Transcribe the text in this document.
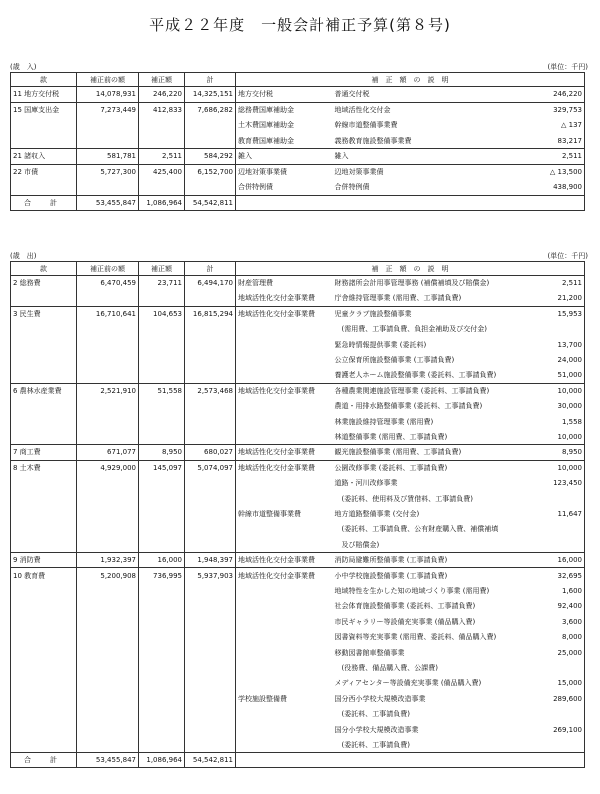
平成２２年度　一般会計補正予算(第８号)
(歳　入)	(単位：千円)
款	補正前の額	補正額	計	補　正　額　の　説　明		
11 地方交付税	14,078,931	246,220	14,325,151	地方交付税	普通交付税	246,220
15 国庫支出金	7,273,449	412,833	7,686,282	総務費国庫補助金	地域活性化交付金	329,753
				土木費国庫補助金	幹線市道整備事業費	△ 137
				教育費国庫補助金	義務教育施設整備事業費	83,217
21 諸収入	581,781	2,511	584,292	雑入	雑入	2,511
22 市債	5,727,300	425,400	6,152,700	辺地対策事業債	辺地対策事業債	△ 13,500
				合併特例債	合併特例債	438,900
合　計	53,455,847	1,086,964	54,542,811			
(歳　出)	(単位：千円)
款	補正前の額	補正額	計	補　正　額　の　説　明		
2 総務費	6,470,459	23,711	6,494,170	財産管理費	財務諸所会計用事管理事務 (補償補填及び賠償金)	2,511
				地域活性化交付金事業費	庁舎維持管理事業 (需用費、工事請負費)	21,200
3 民生費	16,710,641	104,653	16,815,294	地域活性化交付金事業費	児童クラブ施設整備事業	15,953
					　(需用費、工事請負費、負担金補助及び交付金)	
					緊急時情報提供事業 (委託料)	13,700
					公立保育所施設整備事業 (工事請負費)	24,000
					養護老人ホーム施設整備事業 (委託料、工事請負費)	51,000
6 農林水産業費	2,521,910	51,558	2,573,468	地域活性化交付金事業費	各種農業関連施設管理事業 (委託料、工事請負費)	10,000
					農道・用排水路整備事業 (委託料、工事請負費)	30,000
					林業施設維持管理事業 (需用費)	1,558
					林道整備事業 (需用費、工事請負費)	10,000
7 商工費	671,077	8,950	680,027	地域活性化交付金事業費	観光施設整備事業 (需用費、工事請負費)	8,950
8 土木費	4,929,000	145,097	5,074,097	地域活性化交付金事業費	公園改修事業 (委託料、工事請負費)	10,000
					道路・河川改修事業	123,450
					　(委託料、使用料及び賃借料、工事請負費)	
				幹線市道整備事業費	地方道路整備事業 (交付金)	11,647
					　(委託料、工事請負費、公有財産購入費、補償補填	
					　及び賠償金)	
9 消防費	1,932,397	16,000	1,948,397	地域活性化交付金事業費	消防局避難所整備事業 (工事請負費)	16,000
10 教育費	5,200,908	736,995	5,937,903	地域活性化交付金事業費	小中学校施設整備事業 (工事請負費)	32,695
					地域特性を生かした知の地域づくり事業 (需用費)	1,600
					社会体育施設整備事業 (委託料、工事請負費)	92,400
					市民ギャラリー等設備充実事業 (備品購入費)	3,600
					図書資料等充実事業 (需用費、委託料、備品購入費)	8,000
					移動図書館車整備事業	25,000
					　(役務費、備品購入費、公課費)	
					メディアセンター等設備充実事業 (備品購入費)	15,000
				学校施設整備費	国分西小学校大規模改造事業	289,600
					　(委託料、工事請負費)	
					国分小学校大規模改造事業	269,100
					　(委託料、工事請負費)	
合　計	53,455,847	1,086,964	54,542,811			
